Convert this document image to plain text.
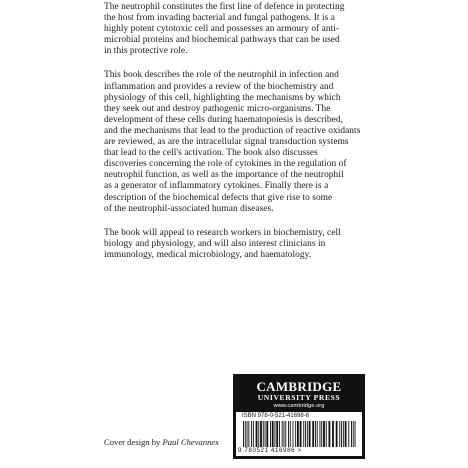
The neutrophil constitutes the first line of defence in protecting
the host from invading bacterial and fungal pathogens. It is a
highly potent cytotoxic cell and possesses an armoury of anti-
microbial proteins and biochemical pathways that can be used
in this protective role.

This book describes the role of the neutrophil in infection and
inflammation and provides a review of the biochemistry and
physiology of this cell, highlighting the mechanisms by which
they seek out and destroy pathogenic micro-organisms. The
development of these cells during haematopoiesis is described,
and the mechanisms that lead to the production of reactive oxidants
are reviewed, as are the intracellular signal transduction systems
that lead to the cell's activation. The book also discusses
discoveries concerning the role of cytokines in the regulation of
neutrophil function, as well as the importance of the neutrophil
as a generator of inflammatory cytokines. Finally there is a
description of the biochemical defects that give rise to some
of the neutrophil-associated human diseases.

The book will appeal to research workers in biochemistry, cell
biology and physiology, and will also interest clinicians in
immunology, medical microbiology, and haematology.

Cover design by Paul Chevannes
CAMBRIDGE
UNIVERSITY PRESS
www.cambridge.org
ISBN 978-0-521-41698-6
9 780521 416986 >
